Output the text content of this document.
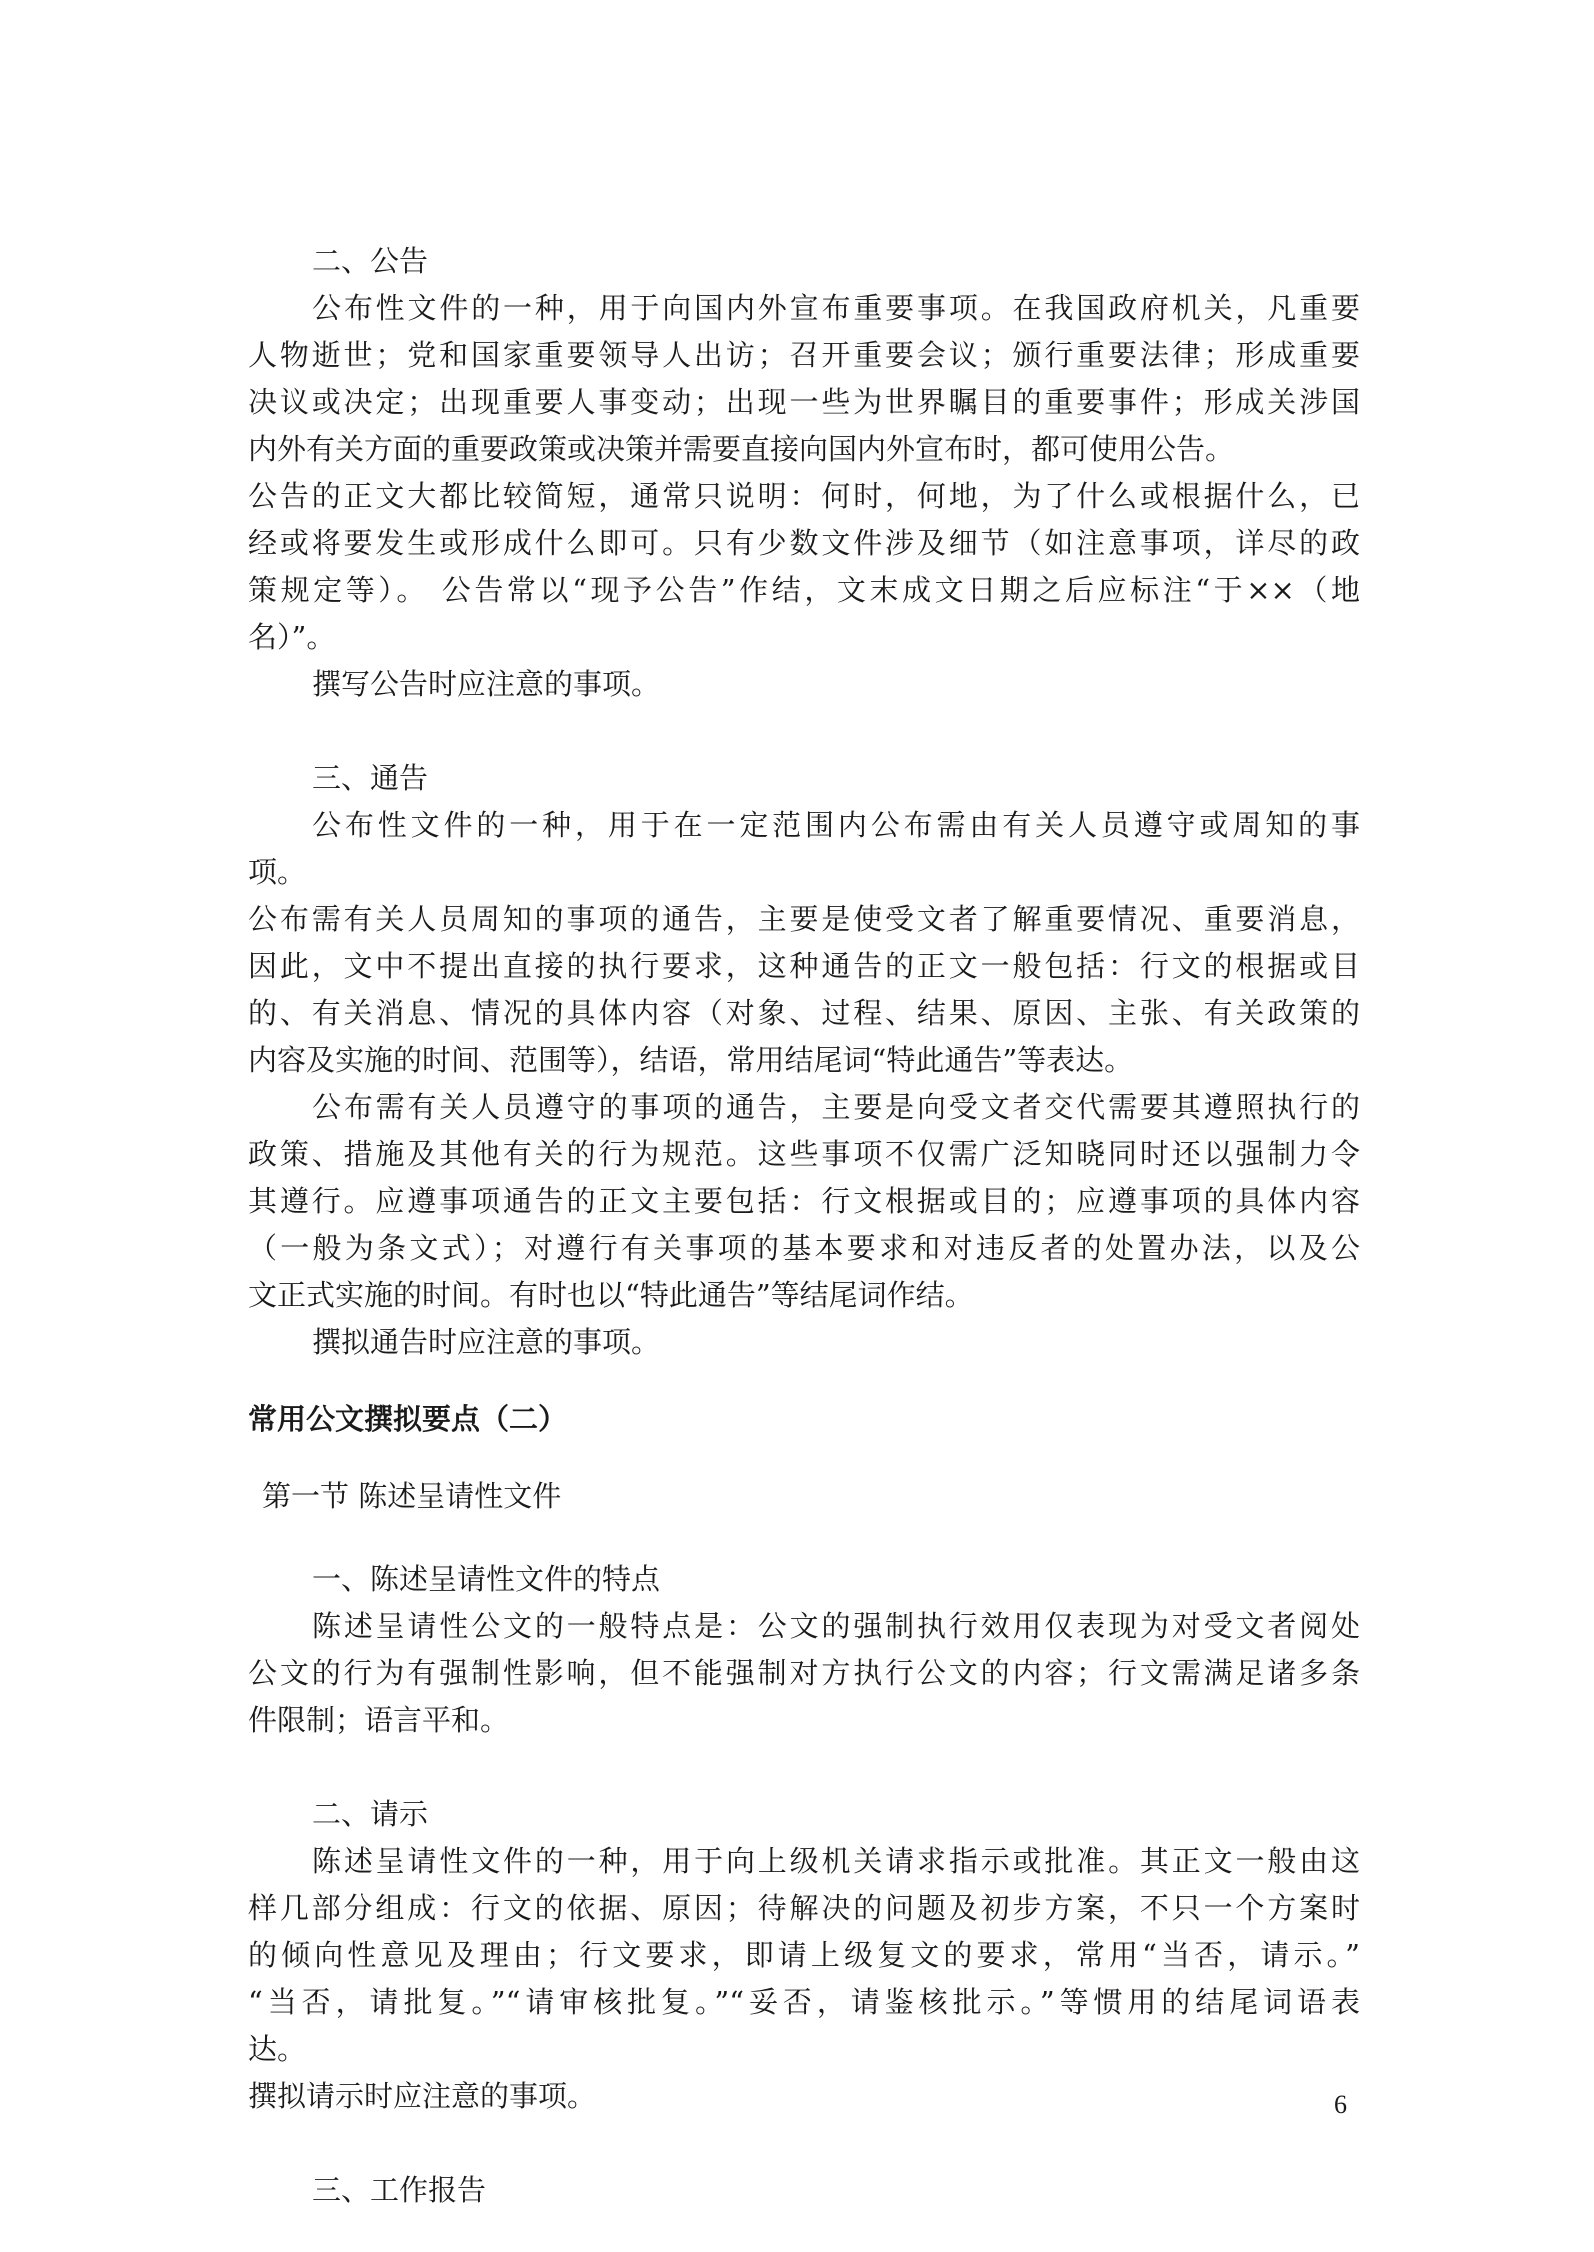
二、公告
公布性文件的一种，用于向国内外宣布重要事项。在我国政府机关，凡重要
人物逝世；党和国家重要领导人出访；召开重要会议；颁行重要法律；形成重要
决议或决定；出现重要人事变动；出现一些为世界瞩目的重要事件；形成关涉国
内外有关方面的重要政策或决策并需要直接向国内外宣布时，都可使用公告。
公告的正文大都比较简短，通常只说明：何时，何地，为了什么或根据什么，已
经或将要发生或形成什么即可。只有少数文件涉及细节（如注意事项，详尽的政
策规定等）。 公告常以“现予公告”作结，文末成文日期之后应标注“于××（地
名）”。
撰写公告时应注意的事项。
三、通告
公布性文件的一种，用于在一定范围内公布需由有关人员遵守或周知的事
项。
公布需有关人员周知的事项的通告，主要是使受文者了解重要情况、重要消息，
因此，文中不提出直接的执行要求，这种通告的正文一般包括：行文的根据或目
的、有关消息、情况的具体内容（对象、过程、结果、原因、主张、有关政策的
内容及实施的时间、范围等），结语，常用结尾词“特此通告”等表达。
公布需有关人员遵守的事项的通告，主要是向受文者交代需要其遵照执行的
政策、措施及其他有关的行为规范。这些事项不仅需广泛知晓同时还以强制力令
其遵行。应遵事项通告的正文主要包括：行文根据或目的；应遵事项的具体内容
（一般为条文式）；对遵行有关事项的基本要求和对违反者的处置办法，以及公
文正式实施的时间。有时也以“特此通告”等结尾词作结。
撰拟通告时应注意的事项。
常用公文撰拟要点（二）
第一节 陈述呈请性文件
一、陈述呈请性文件的特点
陈述呈请性公文的一般特点是：公文的强制执行效用仅表现为对受文者阅处
公文的行为有强制性影响，但不能强制对方执行公文的内容；行文需满足诸多条
件限制；语言平和。
二、请示
陈述呈请性文件的一种，用于向上级机关请求指示或批准。其正文一般由这
样几部分组成：行文的依据、原因；待解决的问题及初步方案，不只一个方案时
的倾向性意见及理由；行文要求，即请上级复文的要求，常用“当否，请示。”
“当否，请批复。”“请审核批复。”“妥否，请鉴核批示。”等惯用的结尾词语表
达。
撰拟请示时应注意的事项。
三、工作报告
6
